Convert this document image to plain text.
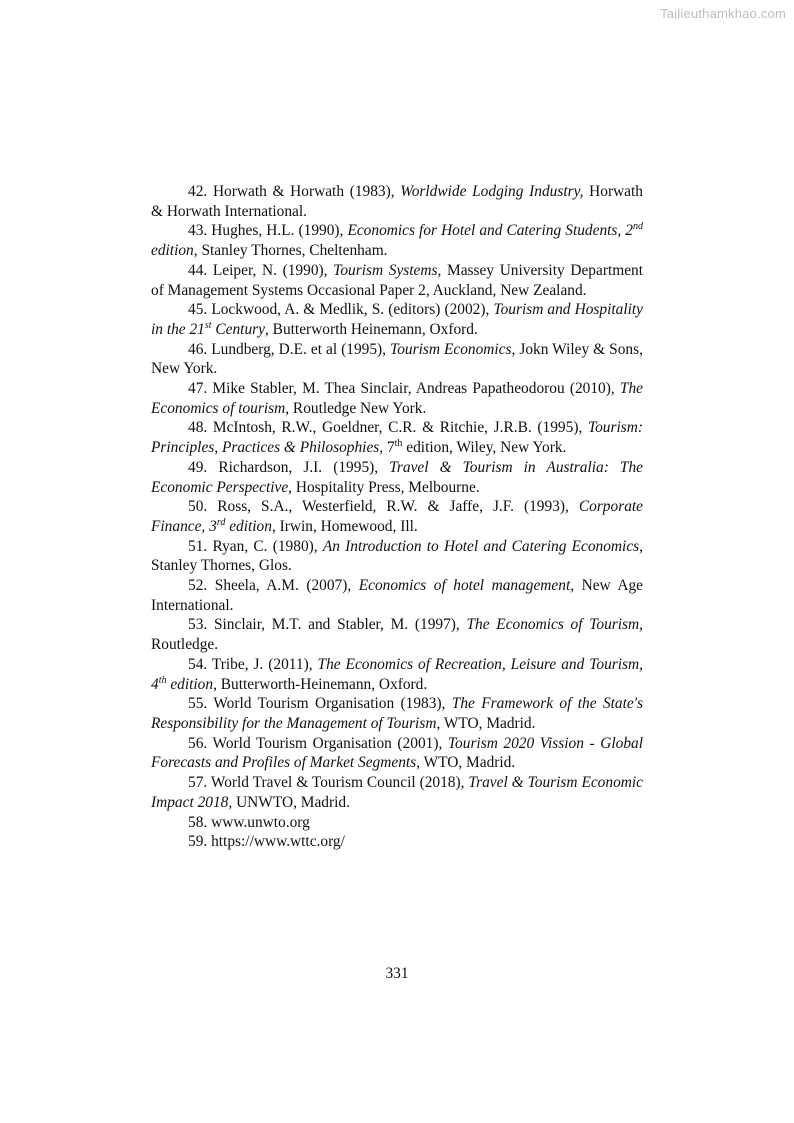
Tailieuthamkhao.com

42. Horwath & Horwath (1983), Worldwide Lodging Industry, Horwath & Horwath International.

43. Hughes, H.L. (1990), Economics for Hotel and Catering Students, 2nd edition, Stanley Thornes, Cheltenham.

44. Leiper, N. (1990), Tourism Systems, Massey University Department of Management Systems Occasional Paper 2, Auckland, New Zealand.

45. Lockwood, A. & Medlik, S. (editors) (2002), Tourism and Hospitality in the 21st Century, Butterworth Heinemann, Oxford.

46. Lundberg, D.E. et al (1995), Tourism Economics, Jokn Wiley & Sons, New York.

47. Mike Stabler, M. Thea Sinclair, Andreas Papatheodorou (2010), The Economics of tourism, Routledge New York.

48. McIntosh, R.W., Goeldner, C.R. & Ritchie, J.R.B. (1995), Tourism: Principles, Practices & Philosophies, 7th edition, Wiley, New York.

49. Richardson, J.I. (1995), Travel & Tourism in Australia: The Economic Perspective, Hospitality Press, Melbourne.

50. Ross, S.A., Westerfield, R.W. & Jaffe, J.F. (1993), Corporate Finance, 3rd edition, Irwin, Homewood, Ill.

51. Ryan, C. (1980), An Introduction to Hotel and Catering Economics, Stanley Thornes, Glos.

52. Sheela, A.M. (2007), Economics of hotel management, New Age International.

53. Sinclair, M.T. and Stabler, M. (1997), The Economics of Tourism, Routledge.

54. Tribe, J. (2011), The Economics of Recreation, Leisure and Tourism, 4th edition, Butterworth-Heinemann, Oxford.

55. World Tourism Organisation (1983), The Framework of the State's Responsibility for the Management of Tourism, WTO, Madrid.

56. World Tourism Organisation (2001), Tourism 2020 Vission - Global Forecasts and Profiles of Market Segments, WTO, Madrid.

57. World Travel & Tourism Council (2018), Travel & Tourism Economic Impact 2018, UNWTO, Madrid.

58. www.unwto.org

59. https://www.wttc.org/

331
